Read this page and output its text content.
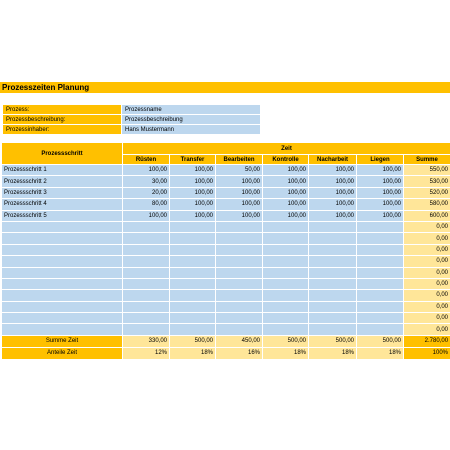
Prozesszeiten Planung
Prozess:	Prozessname
Prozessbeschreibung:	Prozessbeschreibung
Prozessinhaber:	Hans Mustermann
Prozessschritt	Zeit						
	Rüsten	Transfer	Bearbeiten	Kontrolle	Nacharbeit	Liegen	Summe
Prozessschritt 1	100,00	100,00	50,00	100,00	100,00	100,00	550,00
Prozessschritt 2	30,00	100,00	100,00	100,00	100,00	100,00	530,00
Prozessschritt 3	20,00	100,00	100,00	100,00	100,00	100,00	520,00
Prozessschritt 4	80,00	100,00	100,00	100,00	100,00	100,00	580,00
Prozessschritt 5	100,00	100,00	100,00	100,00	100,00	100,00	600,00
							0,00
							0,00
							0,00
							0,00
							0,00
							0,00
							0,00
							0,00
							0,00
							0,00
Summe Zeit	330,00	500,00	450,00	500,00	500,00	500,00	2.780,00
Anteile Zeit	12%	18%	16%	18%	18%	18%	100%
